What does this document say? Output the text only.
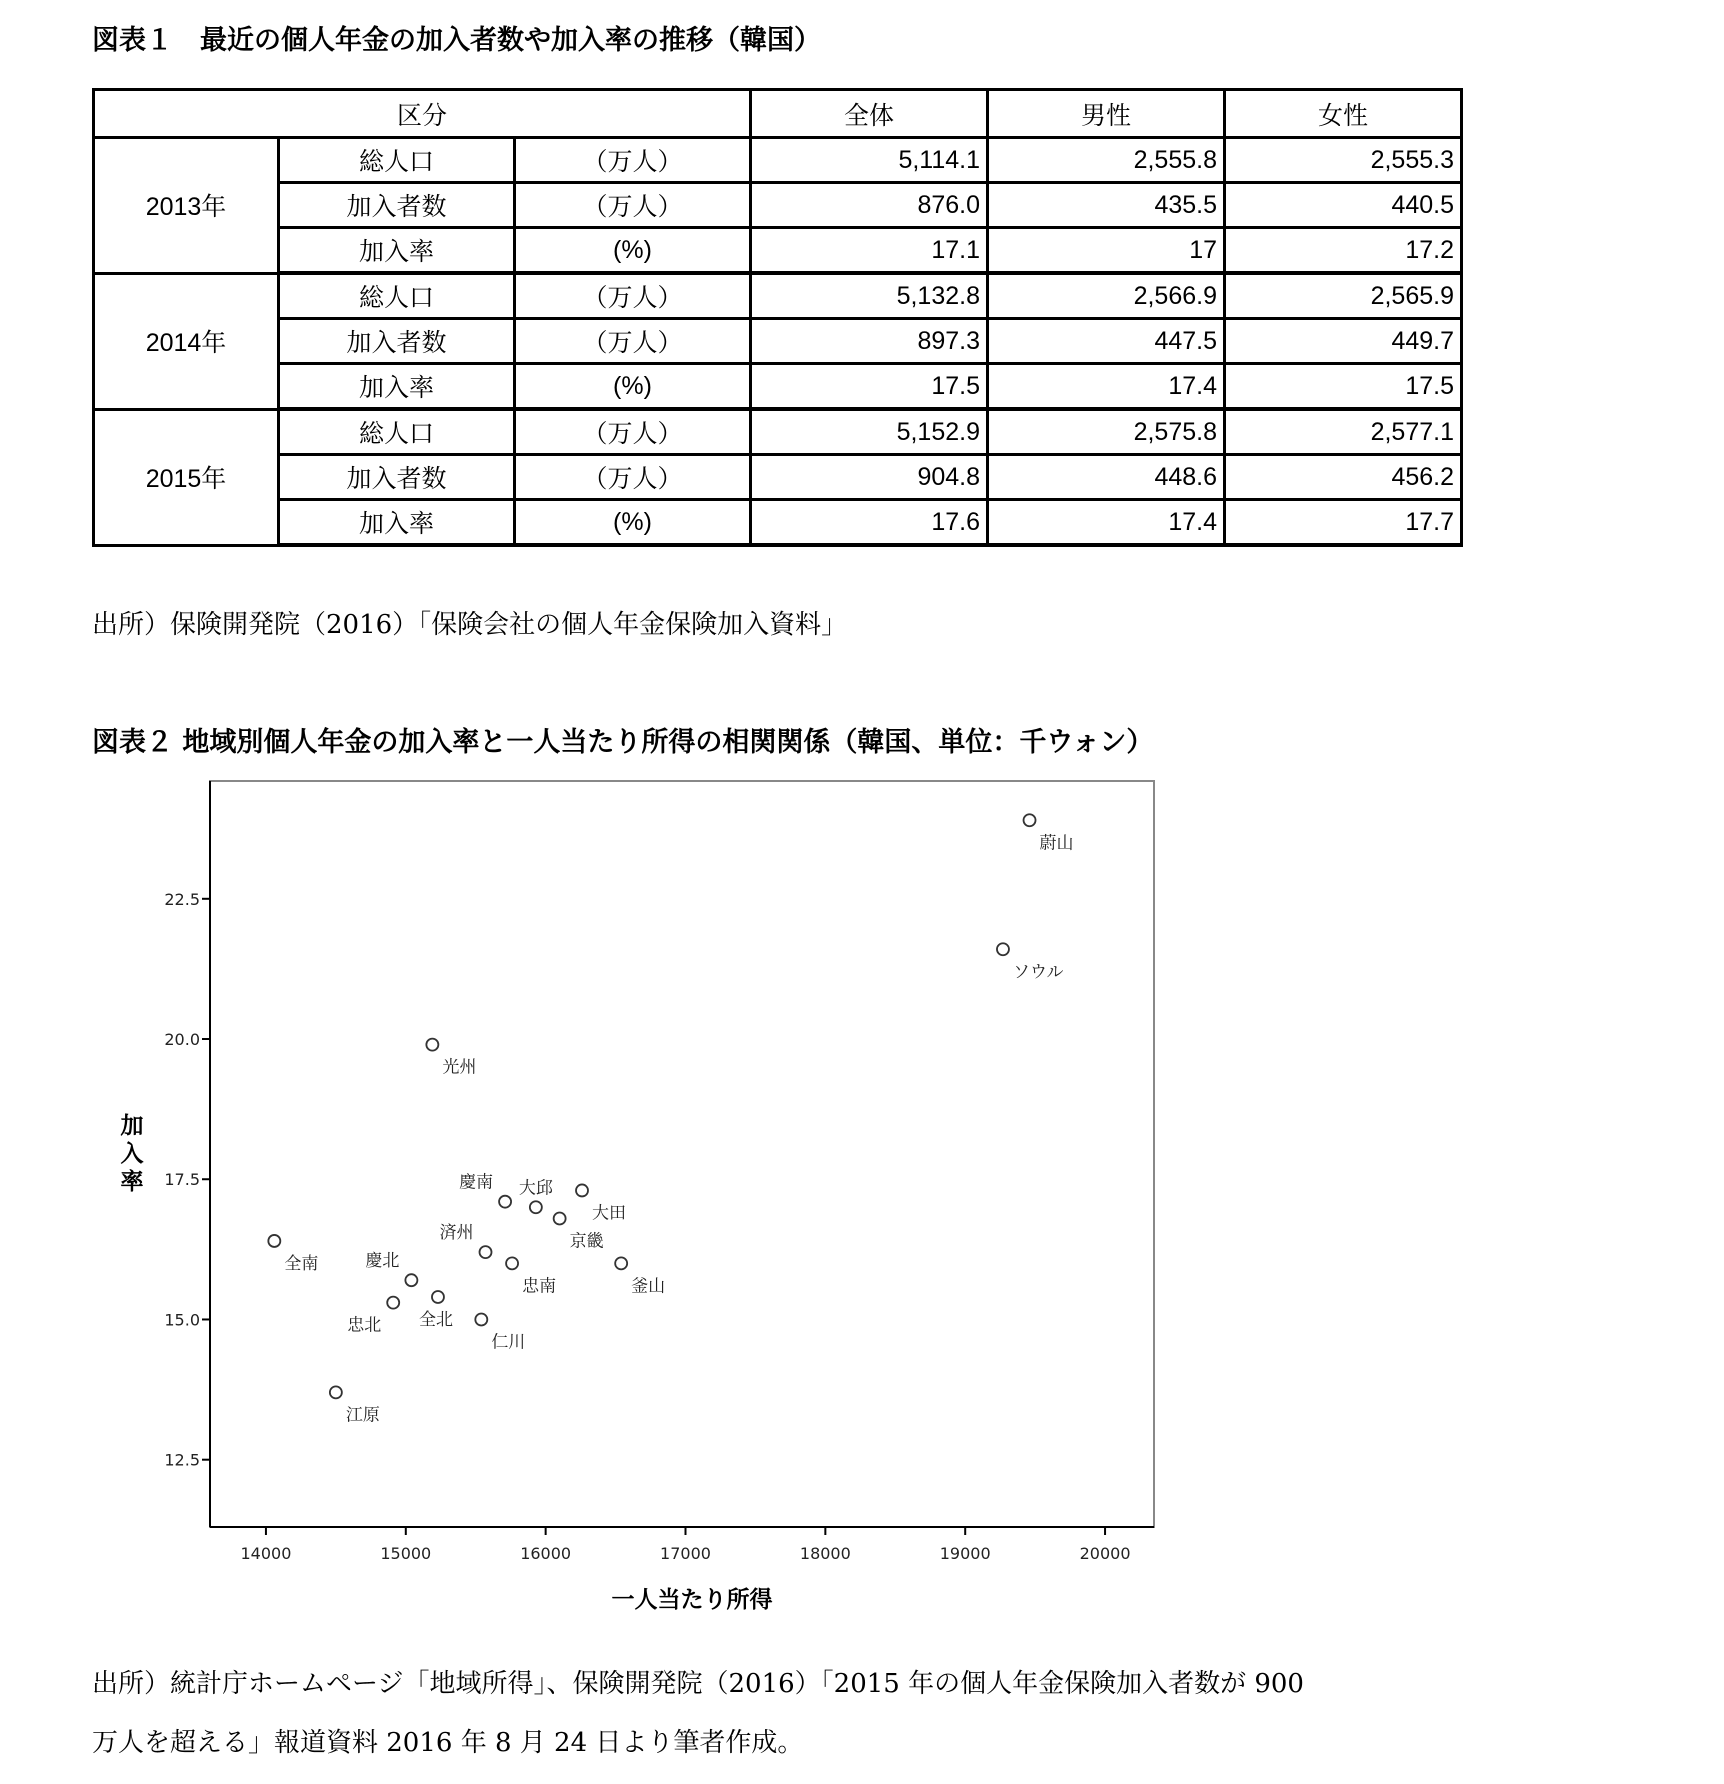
図表１　最近の個人年金の加入者数や加入率の推移（韓国）
区分			全体	男性	女性
2013年	総人口	（万人）	5,114.1	2,555.8	2,555.3
	加入者数	（万人）	876.0	435.5	440.5
	加入率	(%)	17.1	17	17.2
2014年	総人口	（万人）	5,132.8	2,566.9	2,565.9
	加入者数	（万人）	897.3	447.5	449.7
	加入率	(%)	17.5	17.4	17.5
2015年	総人口	（万人）	5,152.9	2,575.8	2,577.1
	加入者数	（万人）	904.8	448.6	456.2
	加入率	(%)	17.6	17.4	17.7
出所）保険開発院（2016）「保険会社の個人年金保険加入資料」
図表２ 地域別個人年金の加入率と一人当たり所得の相関関係（韓国、単位：千ウォン）
12.5
15.0
17.5
20.0
22.5
14000	15000	16000	17000	18000	19000	20000
蔚山
ソウル
光州
全南
慶南 大邱
大田
京畿
済州
忠南	釜山
慶北
忠北 全北
仁川
江原
加
入
率
一人当たり所得
出所）統計庁ホームページ「地域所得」、保険開発院（2016）「2015 年の個人年金保険加入者数が 900
万人を超える」報道資料 2016 年 8 月 24 日より筆者作成。
